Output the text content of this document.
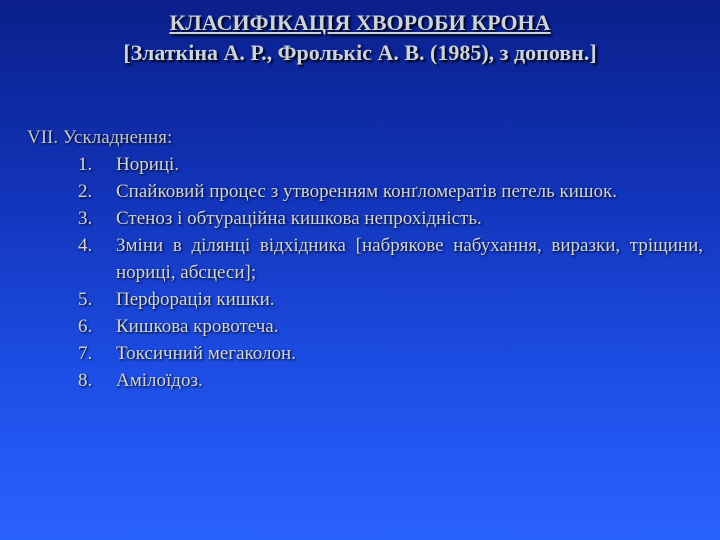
КЛАСИФІКАЦІЯ ХВОРОБИ КРОНА
[Златкіна А. Р., Фролькіс А. В. (1985), з доповн.]
VII. Ускладнення:
1.	Нориці.
2.	Спайковий процес з утворенням конґломератів петель кишок.
3.	Стеноз і обтураційна кишкова непрохідність.
4.	Зміни в ділянці відхідника [набрякове набухання, виразки, тріщини, нориці, абсцеси];
5.	Перфорація кишки.
6.	Кишкова кровотеча.
7.	Токсичний мегаколон.
8.	Амілоїдоз.
